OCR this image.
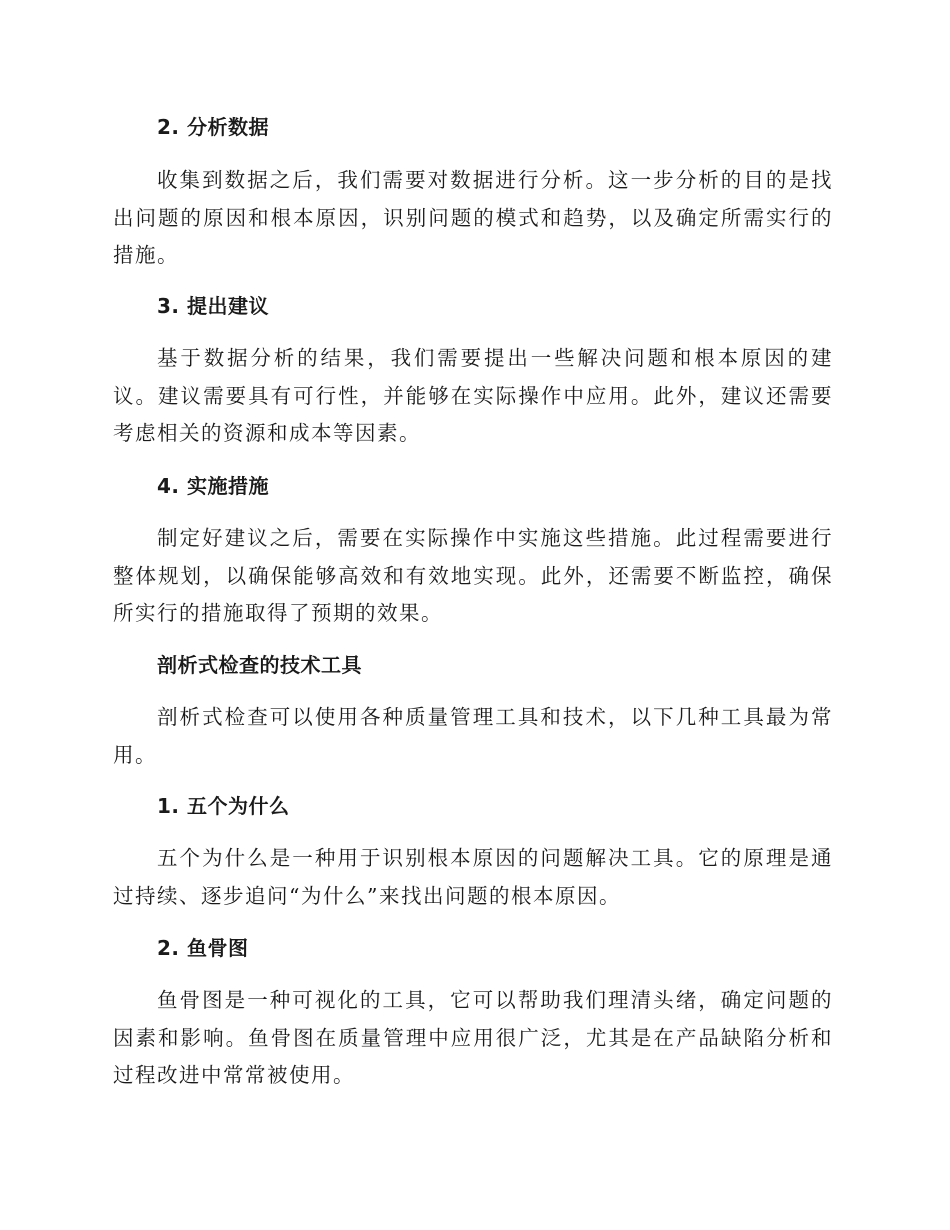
2. 分析数据
收集到数据之后，我们需要对数据进行分析。这一步分析的目的是找出问题的原因和根本原因，识别问题的模式和趋势，以及确定所需实行的措施。
3. 提出建议
基于数据分析的结果，我们需要提出一些解决问题和根本原因的建议。建议需要具有可行性，并能够在实际操作中应用。此外，建议还需要考虑相关的资源和成本等因素。
4. 实施措施
制定好建议之后，需要在实际操作中实施这些措施。此过程需要进行整体规划，以确保能够高效和有效地实现。此外，还需要不断监控，确保所实行的措施取得了预期的效果。
剖析式检查的技术工具
剖析式检查可以使用各种质量管理工具和技术，以下几种工具最为常用。
1. 五个为什么
五个为什么是一种用于识别根本原因的问题解决工具。它的原理是通过持续、逐步追问“为什么”来找出问题的根本原因。
2. 鱼骨图
鱼骨图是一种可视化的工具，它可以帮助我们理清头绪，确定问题的因素和影响。鱼骨图在质量管理中应用很广泛，尤其是在产品缺陷分析和过程改进中常常被使用。
